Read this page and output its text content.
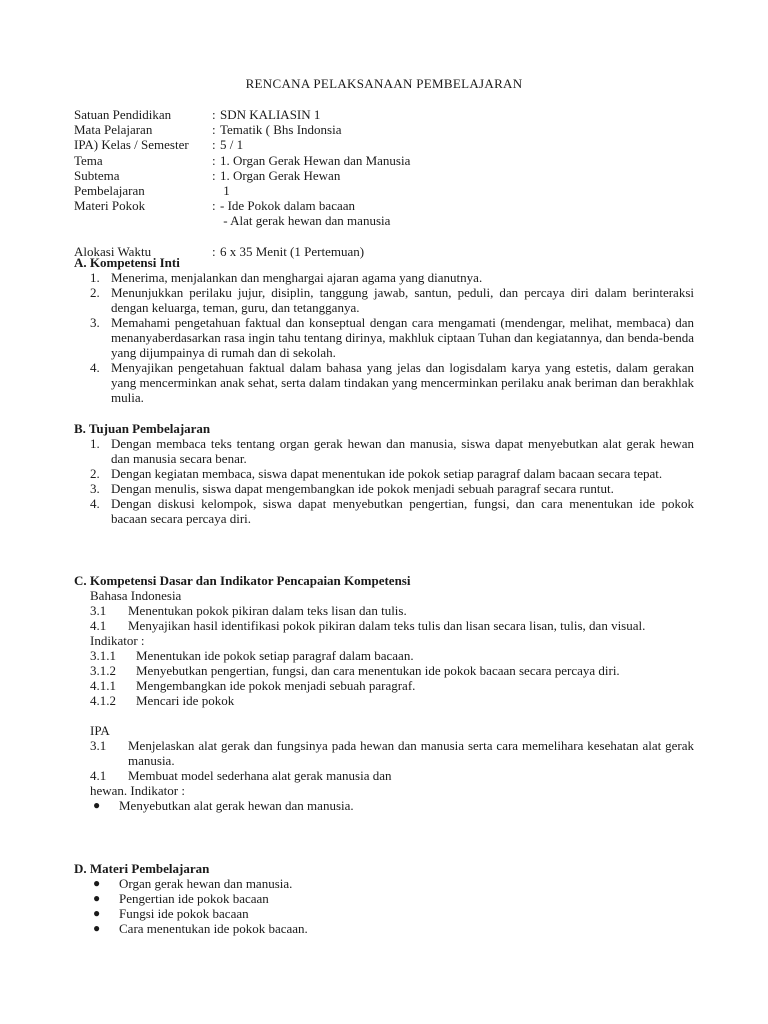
RENCANA PELAKSANAAN PEMBELAJARAN
Satuan Pendidikan	: SDN KALIASIN 1
Mata Pelajaran	: Tematik ( Bhs Indonsia
IPA) Kelas / Semester	: 5 / 1
Tema	: 1. Organ Gerak Hewan dan Manusia
Subtema	: 1. Organ Gerak Hewan
Pembelajaran	1
Materi Pokok	: - Ide Pokok dalam bacaan
- Alat gerak hewan dan manusia
Alokasi Waktu	: 6 x 35 Menit (1 Pertemuan)
A. Kompetensi Inti
1. Menerima, menjalankan dan menghargai ajaran agama yang dianutnya.
2. Menunjukkan perilaku jujur, disiplin, tanggung jawab, santun, peduli, dan percaya diri dalam berinteraksi dengan keluarga, teman, guru, dan tetangganya.
3. Memahami pengetahuan faktual dan konseptual dengan cara mengamati (mendengar, melihat, membaca) dan menanyaberdasarkan rasa ingin tahu tentang dirinya, makhluk ciptaan Tuhan dan kegiatannya, dan benda-benda yang dijumpainya di rumah dan di sekolah.
4. Menyajikan pengetahuan faktual dalam bahasa yang jelas dan logisdalam karya yang estetis, dalam gerakan yang mencerminkan anak sehat, serta dalam tindakan yang mencerminkan perilaku anak beriman dan berakhlak mulia.
B. Tujuan Pembelajaran
1. Dengan membaca teks tentang organ gerak hewan dan manusia, siswa dapat menyebutkan alat gerak hewan dan manusia secara benar.
2. Dengan kegiatan membaca, siswa dapat menentukan ide pokok setiap paragraf dalam bacaan secara tepat.
3. Dengan menulis, siswa dapat mengembangkan ide pokok menjadi sebuah paragraf secara runtut.
4. Dengan diskusi kelompok, siswa dapat menyebutkan pengertian, fungsi, dan cara menentukan ide pokok bacaan secara percaya diri.
C. Kompetensi Dasar dan Indikator Pencapaian Kompetensi
Bahasa Indonesia
3.1 Menentukan pokok pikiran dalam teks lisan dan tulis.
4.1 Menyajikan hasil identifikasi pokok pikiran dalam teks tulis dan lisan secara lisan, tulis, dan visual.
Indikator :
3.1.1 Menentukan ide pokok setiap paragraf dalam bacaan.
3.1.2 Menyebutkan pengertian, fungsi, dan cara menentukan ide pokok bacaan secara percaya diri.
4.1.1 Mengembangkan ide pokok menjadi sebuah paragraf.
4.1.2 Mencari ide pokok
IPA
3.1 Menjelaskan alat gerak dan fungsinya pada hewan dan manusia serta cara memelihara kesehatan alat gerak manusia.
4.1 Membuat model sederhana alat gerak manusia dan
hewan. Indikator :
● Menyebutkan alat gerak hewan dan manusia.
D. Materi Pembelajaran
● Organ gerak hewan dan manusia.
● Pengertian ide pokok bacaan
● Fungsi ide pokok bacaan
● Cara menentukan ide pokok bacaan.
